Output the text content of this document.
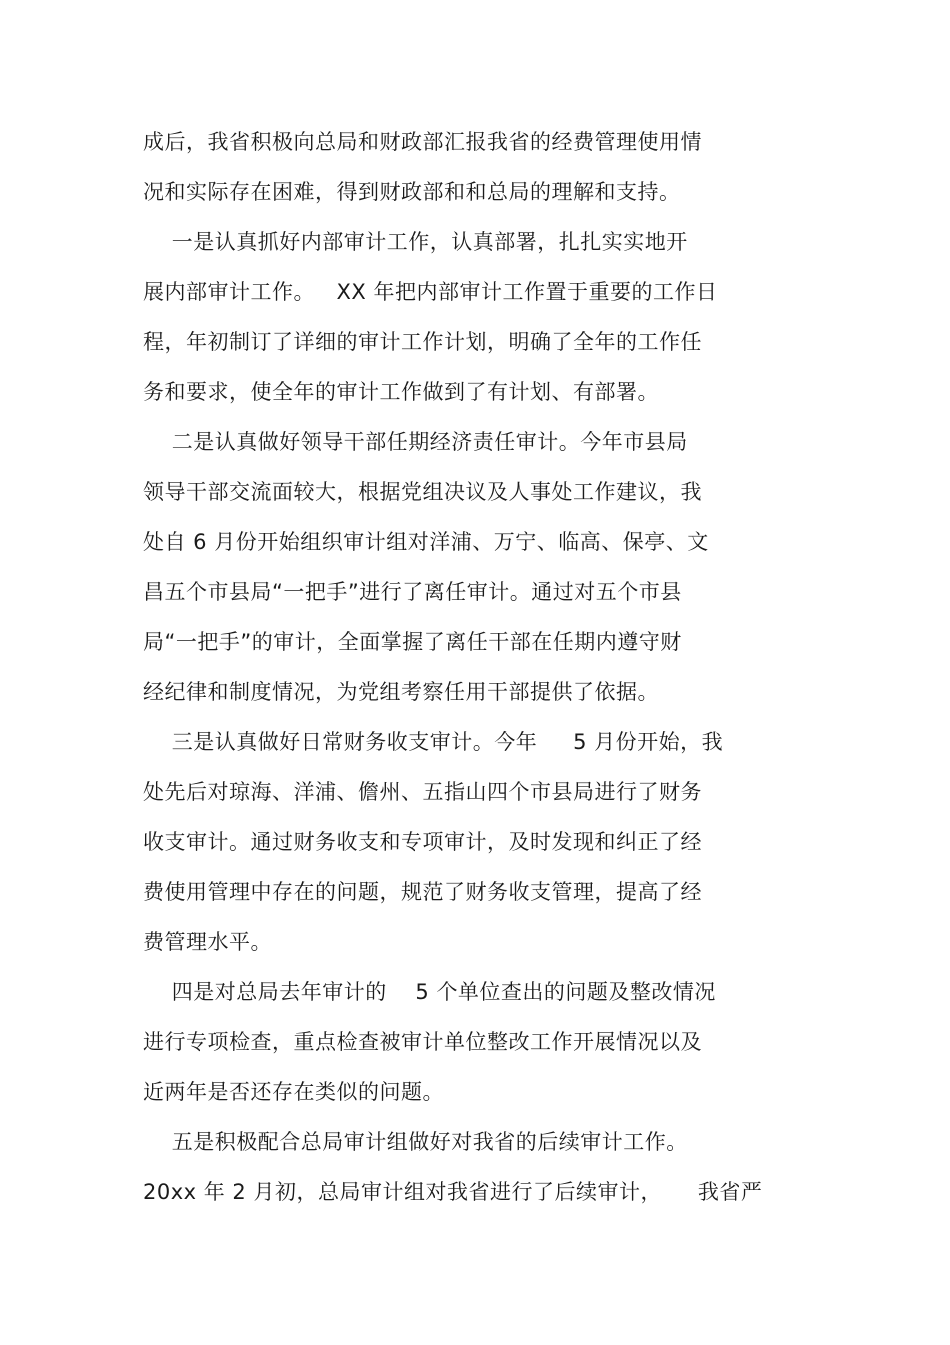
成后，我省积极向总局和财政部汇报我省的经费管理使用情
况和实际存在困难，得到财政部和和总局的理解和支持。
一是认真抓好内部审计工作，认真部署，扎扎实实地开
展内部审计工作。   XX 年把内部审计工作置于重要的工作日
程，年初制订了详细的审计工作计划，明确了全年的工作任
务和要求，使全年的审计工作做到了有计划、有部署。
二是认真做好领导干部任期经济责任审计。今年市县局
领导干部交流面较大，根据党组决议及人事处工作建议，我
处自 6 月份开始组织审计组对洋浦、万宁、临高、保亭、文
昌五个市县局“一把手”进行了离任审计。通过对五个市县
局“一把手”的审计，全面掌握了离任干部在任期内遵守财
经纪律和制度情况，为党组考察任用干部提供了依据。
三是认真做好日常财务收支审计。今年     5 月份开始，我
处先后对琼海、洋浦、儋州、五指山四个市县局进行了财务
收支审计。通过财务收支和专项审计，及时发现和纠正了经
费使用管理中存在的问题，规范了财务收支管理，提高了经
费管理水平。
四是对总局去年审计的    5 个单位查出的问题及整改情况
进行专项检查，重点检查被审计单位整改工作开展情况以及
近两年是否还存在类似的问题。
五是积极配合总局审计组做好对我省的后续审计工作。
20xx 年 2 月初，总局审计组对我省进行了后续审计，     我省严
